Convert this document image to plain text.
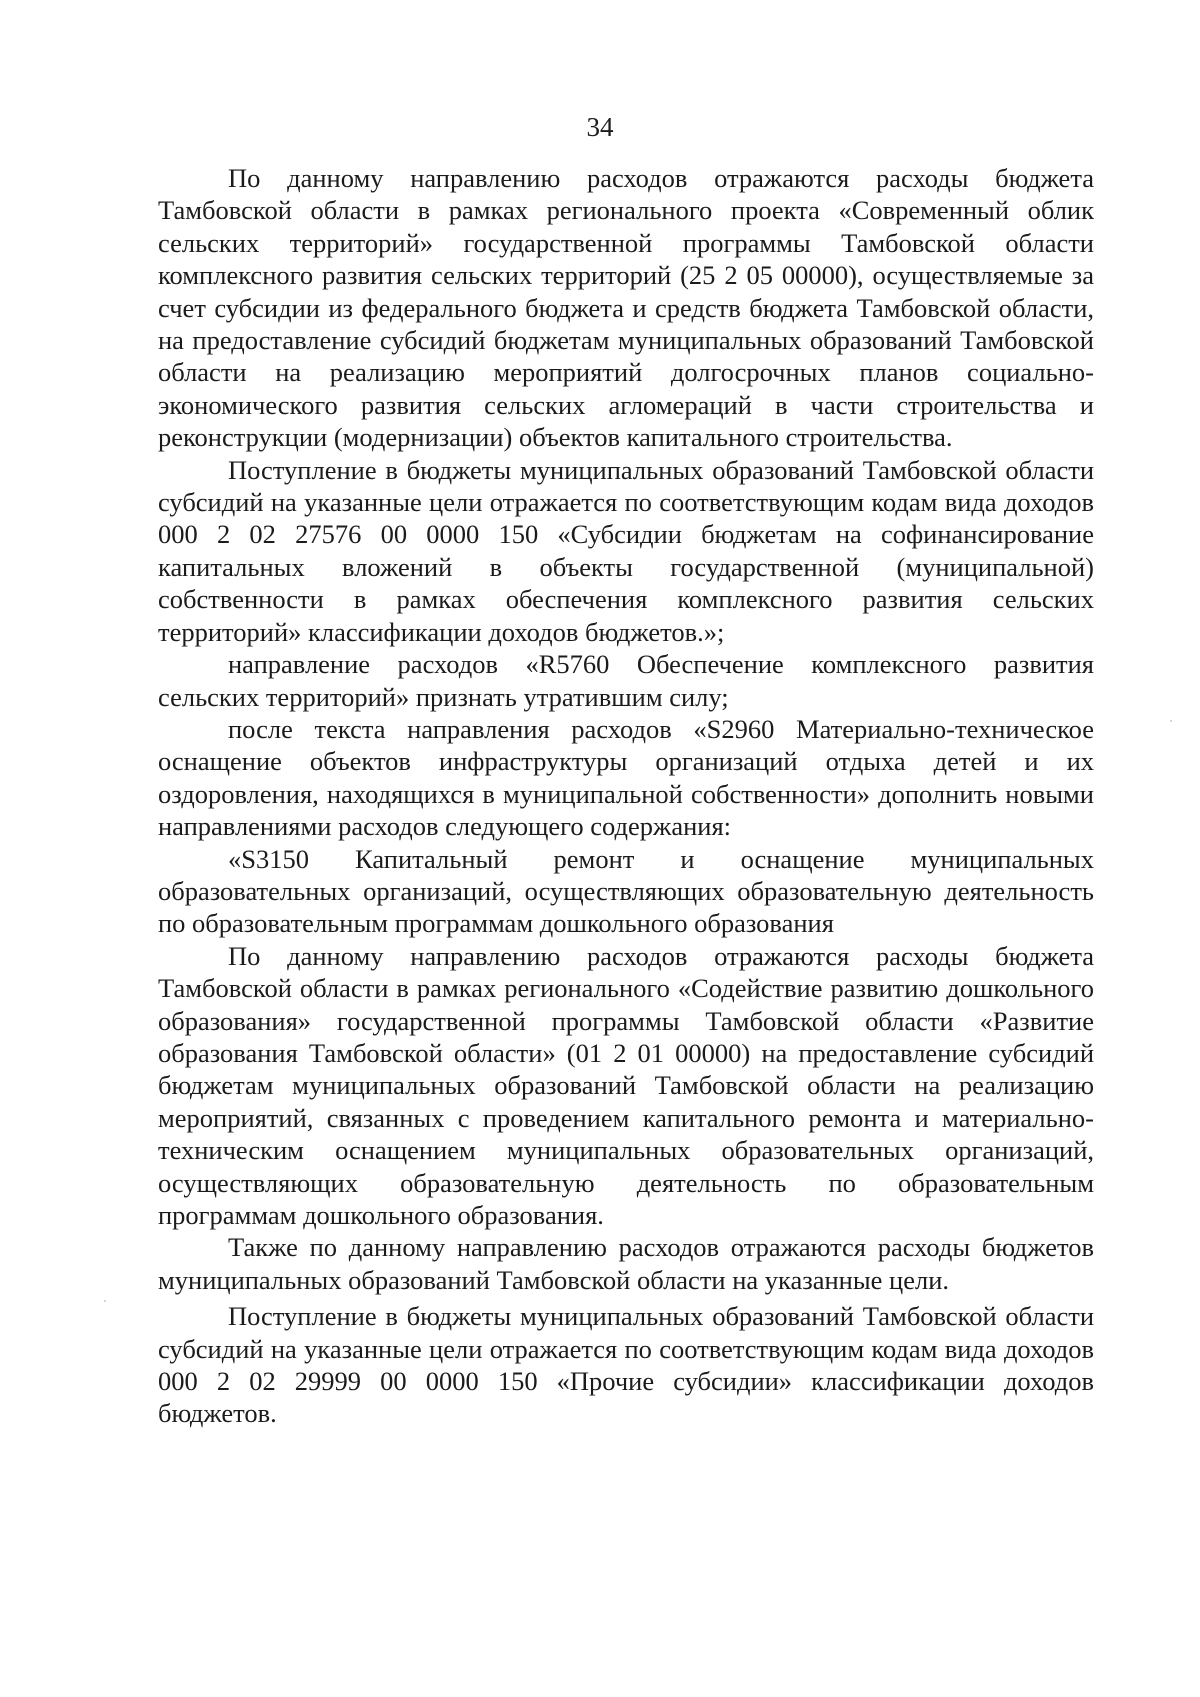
34

По данному направлению расходов отражаются расходы бюджета Тамбовской области в рамках регионального проекта «Современный облик сельских территорий» государственной программы Тамбовской области комплексного развития сельских территорий (25 2 05 00000), осуществляемые за счет субсидии из федерального бюджета и средств бюджета Тамбовской области, на предоставление субсидий бюджетам муниципальных образований Тамбовской области на реализацию мероприятий долгосрочных планов социально-экономического развития сельских агломераций в части строительства и реконструкции (модернизации) объектов капитального строительства.

Поступление в бюджеты муниципальных образований Тамбовской области субсидий на указанные цели отражается по соответствующим кодам вида доходов 000 2 02 27576 00 0000 150 «Субсидии бюджетам на софинансирование капитальных вложений в объекты государственной (муниципальной) собственности в рамках обеспечения комплексного развития сельских территорий» классификации доходов бюджетов.»;

направление расходов «R5760 Обеспечение комплексного развития сельских территорий» признать утратившим силу;

после текста направления расходов «S2960 Материально-техническое оснащение объектов инфраструктуры организаций отдыха детей и их оздоровления, находящихся в муниципальной собственности» дополнить новыми направлениями расходов следующего содержания:

«S3150 Капитальный ремонт и оснащение муниципальных образовательных организаций, осуществляющих образовательную деятельность по образовательным программам дошкольного образования

По данному направлению расходов отражаются расходы бюджета Тамбовской области в рамках регионального «Содействие развитию дошкольного образования» государственной программы Тамбовской области «Развитие образования Тамбовской области» (01 2 01 00000) на предоставление субсидий бюджетам муниципальных образований Тамбовской области на реализацию мероприятий, связанных с проведением капитального ремонта и материально-техническим оснащением муниципальных образовательных организаций, осуществляющих образовательную деятельность по образовательным программам дошкольного образования.

Также по данному направлению расходов отражаются расходы бюджетов муниципальных образований Тамбовской области на указанные цели.

Поступление в бюджеты муниципальных образований Тамбовской области субсидий на указанные цели отражается по соответствующим кодам вида доходов 000 2 02 29999 00 0000 150 «Прочие субсидии» классификации доходов бюджетов.
